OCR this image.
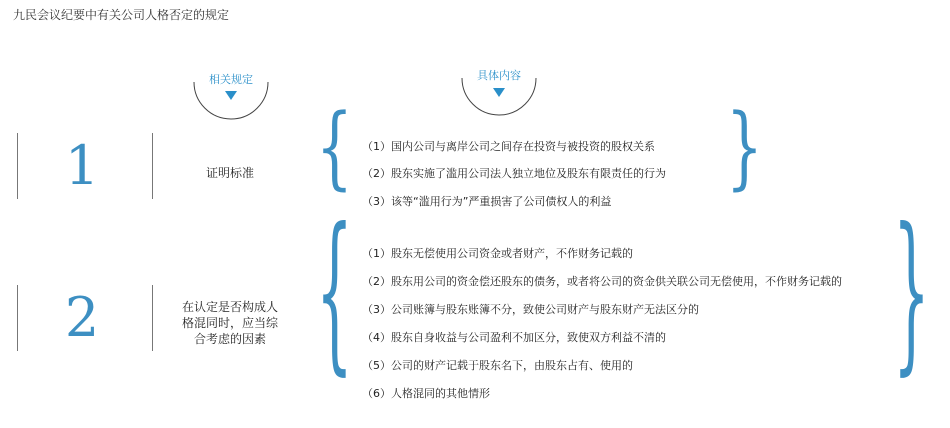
九民会议纪要中有关公司人格否定的规定
相关规定	具体内容
1	证明标准	{ （1）国内公司与离岸公司之间存在投资与被投资的股权关系
（2）股东实施了滥用公司法人独立地位及股东有限责任的行为
（3）该等“滥用行为”严重损害了公司债权人的利益
}
2	在认定是否构成人
格混同时，应当综
合考虑的因素 { （1）股东无偿使用公司资金或者财产，不作财务记载的
（2）股东用公司的资金偿还股东的债务，或者将公司的资金供关联公司无偿使用，不作财务记载的
（3）公司账簿与股东账簿不分，致使公司财产与股东财产无法区分的
（4）股东自身收益与公司盈利不加区分，致使双方利益不清的
（5）公司的财产记载于股东名下，由股东占有、使用的
（6）人格混同的其他情形
}
